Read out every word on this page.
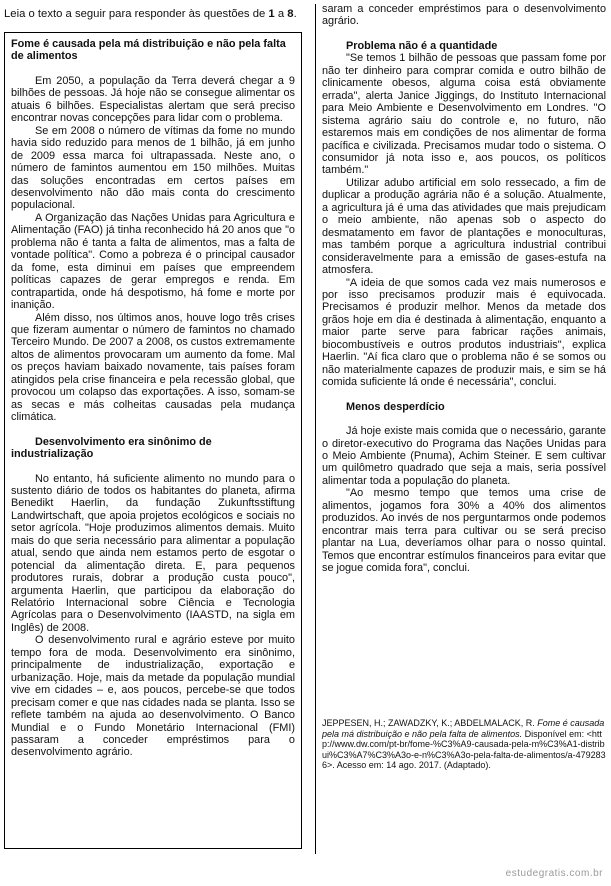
Leia o texto a seguir para responder às questões de 1 a 8.

Fome é causada pela má distribuição e não pela falta de alimentos

Em 2050, a população da Terra deverá chegar a 9 bilhões de pessoas. Já hoje não se consegue alimentar os atuais 6 bilhões. Especialistas alertam que será preciso encontrar novas concepções para lidar com o problema.

Se em 2008 o número de vítimas da fome no mundo havia sido reduzido para menos de 1 bilhão, já em junho de 2009 essa marca foi ultrapassada. Neste ano, o número de famintos aumentou em 150 milhões. Muitas das soluções encontradas em certos países em desenvolvimento não dão mais conta do crescimento populacional.

A Organização das Nações Unidas para Agricultura e Alimentação (FAO) já tinha reconhecido há 20 anos que "o problema não é tanta a falta de alimentos, mas a falta de vontade política". Como a pobreza é o principal causador da fome, esta diminui em países que empreendem políticas capazes de gerar empregos e renda. Em contrapartida, onde há despotismo, há fome e morte por inanição.

Além disso, nos últimos anos, houve logo três crises que fizeram aumentar o número de famintos no chamado Terceiro Mundo. De 2007 a 2008, os custos extremamente altos de alimentos provocaram um aumento da fome. Mal os preços haviam baixado novamente, tais países foram atingidos pela crise financeira e pela recessão global, que provocou um colapso das exportações. A isso, somam-se as secas e más colheitas causadas pela mudança climática.

Desenvolvimento era sinônimo de industrialização

No entanto, há suficiente alimento no mundo para o sustento diário de todos os habitantes do planeta, afirma Benedikt Haerlin, da fundação Zukunftsstiftung Landwirtschaft, que apoia projetos ecológicos e sociais no setor agrícola. "Hoje produzimos alimentos demais. Muito mais do que seria necessário para alimentar a população atual, sendo que ainda nem estamos perto de esgotar o potencial da alimentação direta. E, para pequenos produtores rurais, dobrar a produção custa pouco", argumenta Haerlin, que participou da elaboração do Relatório Internacional sobre Ciência e Tecnologia Agrícolas para o Desenvolvimento (IAASTD, na sigla em Inglês) de 2008.

O desenvolvimento rural e agrário esteve por muito tempo fora de moda. Desenvolvimento era sinônimo, principalmente de industrialização, exportação e urbanização. Hoje, mais da metade da população mundial vive em cidades – e, aos poucos, percebe-se que todos precisam comer e que nas cidades nada se planta. Isso se reflete também na ajuda ao desenvolvimento. O Banco Mundial e o Fundo Monetário Internacional (FMI) passaram a conceder empréstimos para o desenvolvimento agrário.

saram a conceder empréstimos para o desenvolvimento agrário.

Problema não é a quantidade

"Se temos 1 bilhão de pessoas que passam fome por não ter dinheiro para comprar comida e outro bilhão de clinicamente obesos, alguma coisa está obviamente errada", alerta Janice Jiggings, do Instituto Internacional para Meio Ambiente e Desenvolvimento em Londres. "O sistema agrário saiu do controle e, no futuro, não estaremos mais em condições de nos alimentar de forma pacífica e civilizada. Precisamos mudar todo o sistema. O consumidor já nota isso e, aos poucos, os políticos também."

Utilizar adubo artificial em solo ressecado, a fim de duplicar a produção agrária não é a solução. Atualmente, a agricultura já é uma das atividades que mais prejudicam o meio ambiente, não apenas sob o aspecto do desmatamento em favor de plantações e monoculturas, mas também porque a agricultura industrial contribui consideravelmente para a emissão de gases-estufa na atmosfera.

"A ideia de que somos cada vez mais numerosos e por isso precisamos produzir mais é equivocada. Precisamos é produzir melhor. Menos da metade dos grãos hoje em dia é destinada à alimentação, enquanto a maior parte serve para fabricar rações animais, biocombustíveis e outros produtos industriais", explica Haerlin. "Aí fica claro que o problema não é se somos ou não materialmente capazes de produzir mais, e sim se há comida suficiente lá onde é necessária", conclui.

Menos desperdício

Já hoje existe mais comida que o necessário, garante o diretor-executivo do Programa das Nações Unidas para o Meio Ambiente (Pnuma), Achim Steiner. E sem cultivar um quilômetro quadrado que seja a mais, seria possível alimentar toda a população do planeta.

"Ao mesmo tempo que temos uma crise de alimentos, jogamos fora 30% a 40% dos alimentos produzidos. Ao invés de nos perguntarmos onde podemos encontrar mais terra para cultivar ou se será preciso plantar na Lua, deveríamos olhar para o nosso quintal. Temos que encontrar estímulos financeiros para evitar que se jogue comida fora", conclui.

JEPPESEN, H.; ZAWADZKY, K.; ABDELMALACK, R. Fome é causada pela má distribuição e não pela falta de alimentos. Disponível em: <http://www.dw.com/pt-br/fome-%C3%A9-causada-pela-m%C3%A1-distribui%C3%A7%C3%A3o-e-n%C3%A3o-pela-falta-de-alimentos/a-4792836>. Acesso em: 14 ago. 2017. (Adaptado).
estudegratis.com.br
